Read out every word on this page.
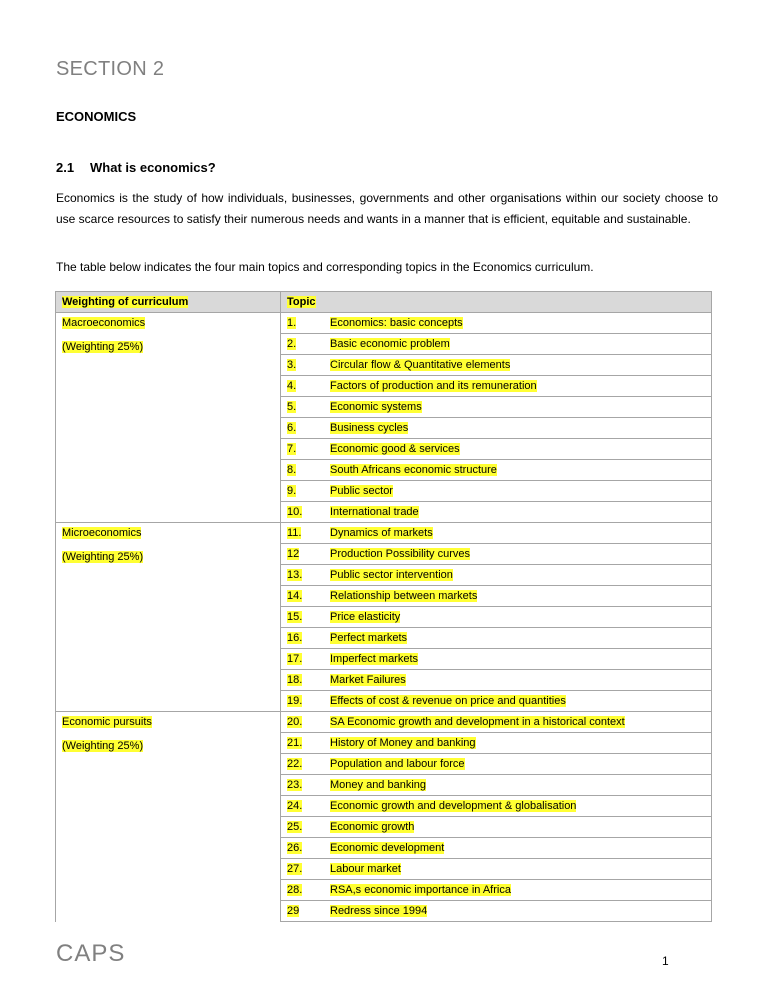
SECTION 2
ECONOMICS
2.1 What is economics?

Economics is the study of how individuals, businesses, governments and other organisations within our society choose to use scarce resources to satisfy their numerous needs and wants in a manner that is efficient, equitable and sustainable.

The table below indicates the four main topics and corresponding topics in the Economics curriculum.

Weighting of curriculum	Topic	

Macroeconomics
(Weighting 25%)	1.	Economics: basic concepts
	2.	Basic economic problem
	3.	Circular flow & Quantitative elements
	4.	Factors of production and its remuneration
	5.	Economic systems
	6.	Business cycles
	7.	Economic good & services
	8.	South Africans economic structure
	9.	Public sector
	10.	International trade

Microeconomics
(Weighting 25%)	11.	Dynamics of markets
	12	Production Possibility curves
	13.	Public sector intervention
	14.	Relationship between markets
	15.	Price elasticity
	16.	Perfect markets
	17.	Imperfect markets
	18.	Market Failures
	19.	Effects of cost & revenue on price and quantities

Economic pursuits
(Weighting 25%)	20.	SA Economic growth and development in a historical context
	21.	History of Money and banking
	22.	Population and labour force
	23.	Money and banking
	24.	Economic growth and development & globalisation
	25.	Economic growth
	26.	Economic development
	27.	Labour market
	28.	RSA,s economic importance in Africa
	29	Redress since 1994

CAPS	1
